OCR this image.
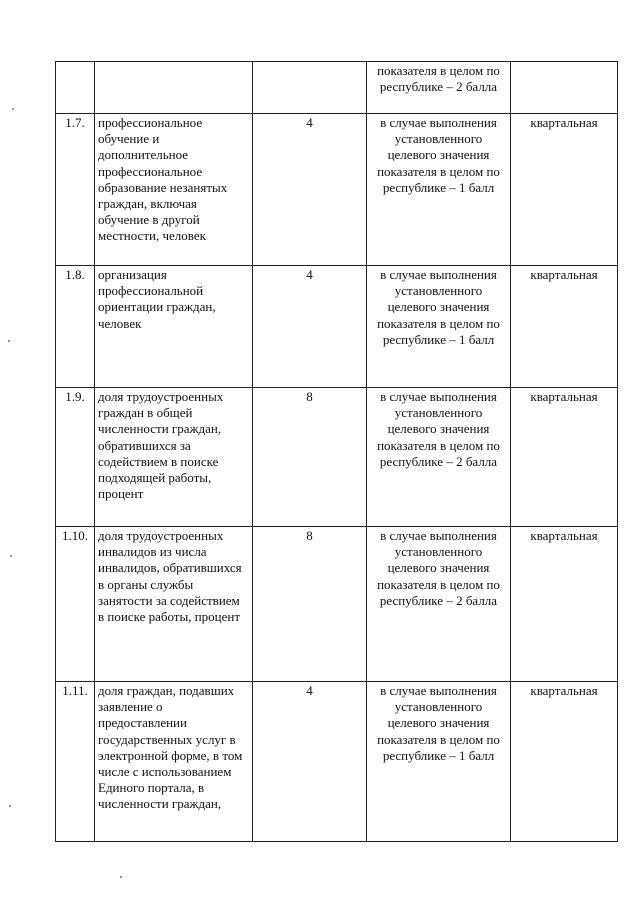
			показателя в целом по республике – 2 балла	
1.7.	профессиональное обучение и дополнительное профессиональное образование незанятых граждан, включая обучение в другой местности, человек	4	в случае выполнения установленного целевого значения показателя в целом по республике – 1 балл	квартальная
1.8.	организация профессиональной ориентации граждан, человек	4	в случае выполнения установленного целевого значения показателя в целом по республике – 1 балл	квартальная
1.9.	доля трудоустроенных граждан в общей численности граждан, обратившихся за содействием в поиске подходящей работы, процент	8	в случае выполнения установленного целевого значения показателя в целом по республике – 2 балла	квартальная
1.10.	доля трудоустроенных инвалидов из числа инвалидов, обратившихся в органы службы занятости за содействием в поиске работы, процент	8	в случае выполнения установленного целевого значения показателя в целом по республике – 2 балла	квартальная
1.11.	доля граждан, подавших заявление о предоставлении государственных услуг в электронной форме, в том числе с использованием Единого портала, в численности граждан,	4	в случае выполнения установленного целевого значения показателя в целом по республике – 1 балл	квартальная
